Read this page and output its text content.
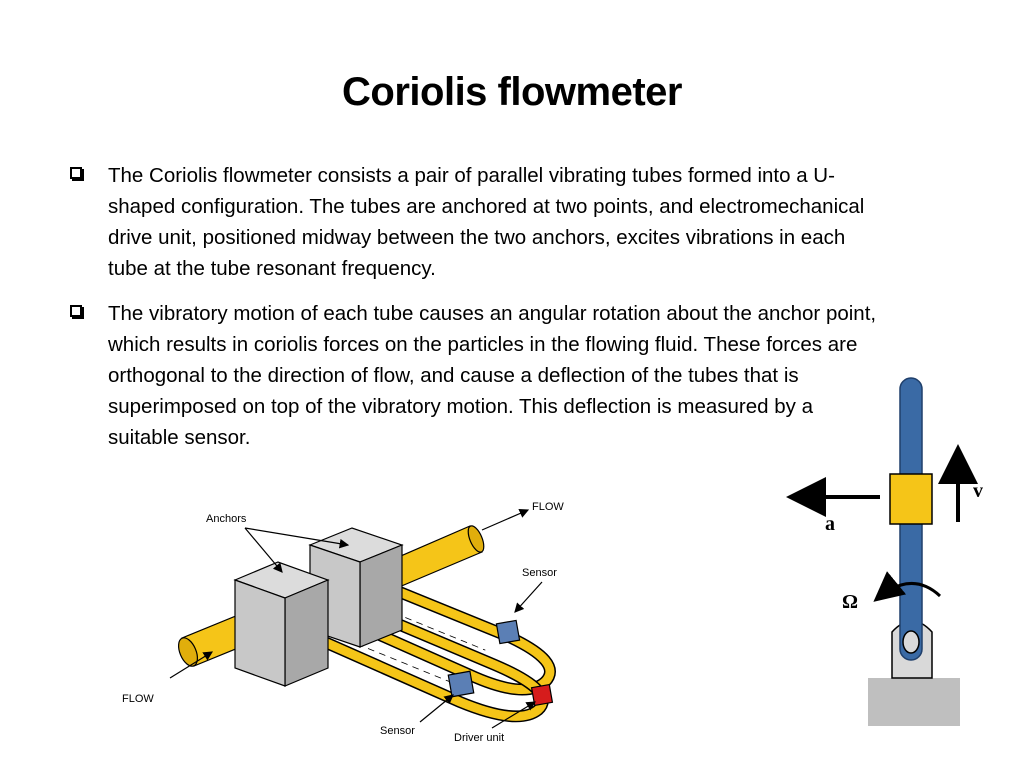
Coriolis flowmeter
The Coriolis flowmeter consists a pair of parallel vibrating tubes formed into a U-shaped configuration. The tubes are anchored at two points, and electromechanical drive unit, positioned midway between the two anchors, excites vibrations in each tube at the tube resonant frequency.
The vibratory motion of each tube causes an angular rotation about the anchor point, which results in coriolis forces on the particles in the flowing fluid. These forces are orthogonal to the direction of flow, and cause a deflection of the tubes that is superimposed on top of the vibratory motion. This deflection is measured by a suitable sensor.
Anchors
FLOW
FLOW
Sensor
Sensor
Driver unit
v
a
Ω
